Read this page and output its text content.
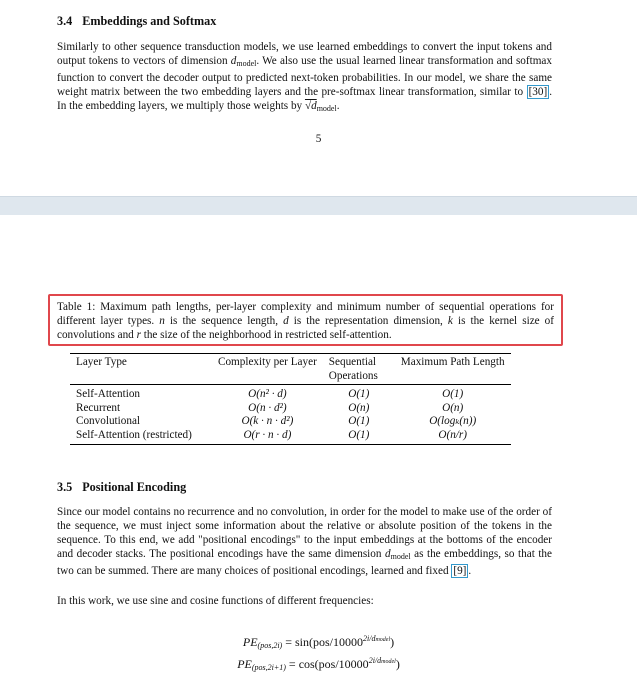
3.4 Embeddings and Softmax

Similarly to other sequence transduction models, we use learned embeddings to convert the input tokens and output tokens to vectors of dimension $d_{model}$. We also use the usual learned linear transformation and softmax function to convert the decoder output to predicted next-token probabilities. In our model, we share the same weight matrix between the two embedding layers and the pre-softmax linear transformation, similar to [30] . In the embedding layers, we multiply those weights by $√d_{model}$.

5

Table 1: Maximum path lengths, per-layer complexity and minimum number of sequential operations for different layer types. n is the sequence length, d is the representation dimension, k is the kernel size of convolutions and r the size of the neighborhood in restricted self-attention.

Layer Type	Complexity per Layer	Sequential Operations	Maximum Path Length
Self-Attention	O(n² · d)	O(1)	O(1)
Recurrent	O(n · d²)	O(n)	O(n)
Convolutional	O(k · n · d²)	O(1)	O(logₖ(n))
Self-Attention (restricted)	O(r · n · d)	O(1)	O(n/r)
3.5 Positional Encoding

Since our model contains no recurrence and no convolution, in order for the model to make use of the order of the sequence, we must inject some information about the relative or absolute position of the tokens in the sequence. To this end, we add "positional encodings" to the input embeddings at the bottoms of the encoder and decoder stacks. The positional encodings have the same dimension $d_{model}$ as the embeddings, so that the two can be summed. There are many choices of positional encodings, learned and fixed [9] .

In this work, we use sine and cosine functions of different frequencies:

$PE_{(pos,2i)} = \sin(pos/10000^{2i/dmodel})$
$PE_{(pos,2i+1)} = \cos(pos/10000^{2i/dmodel})$
